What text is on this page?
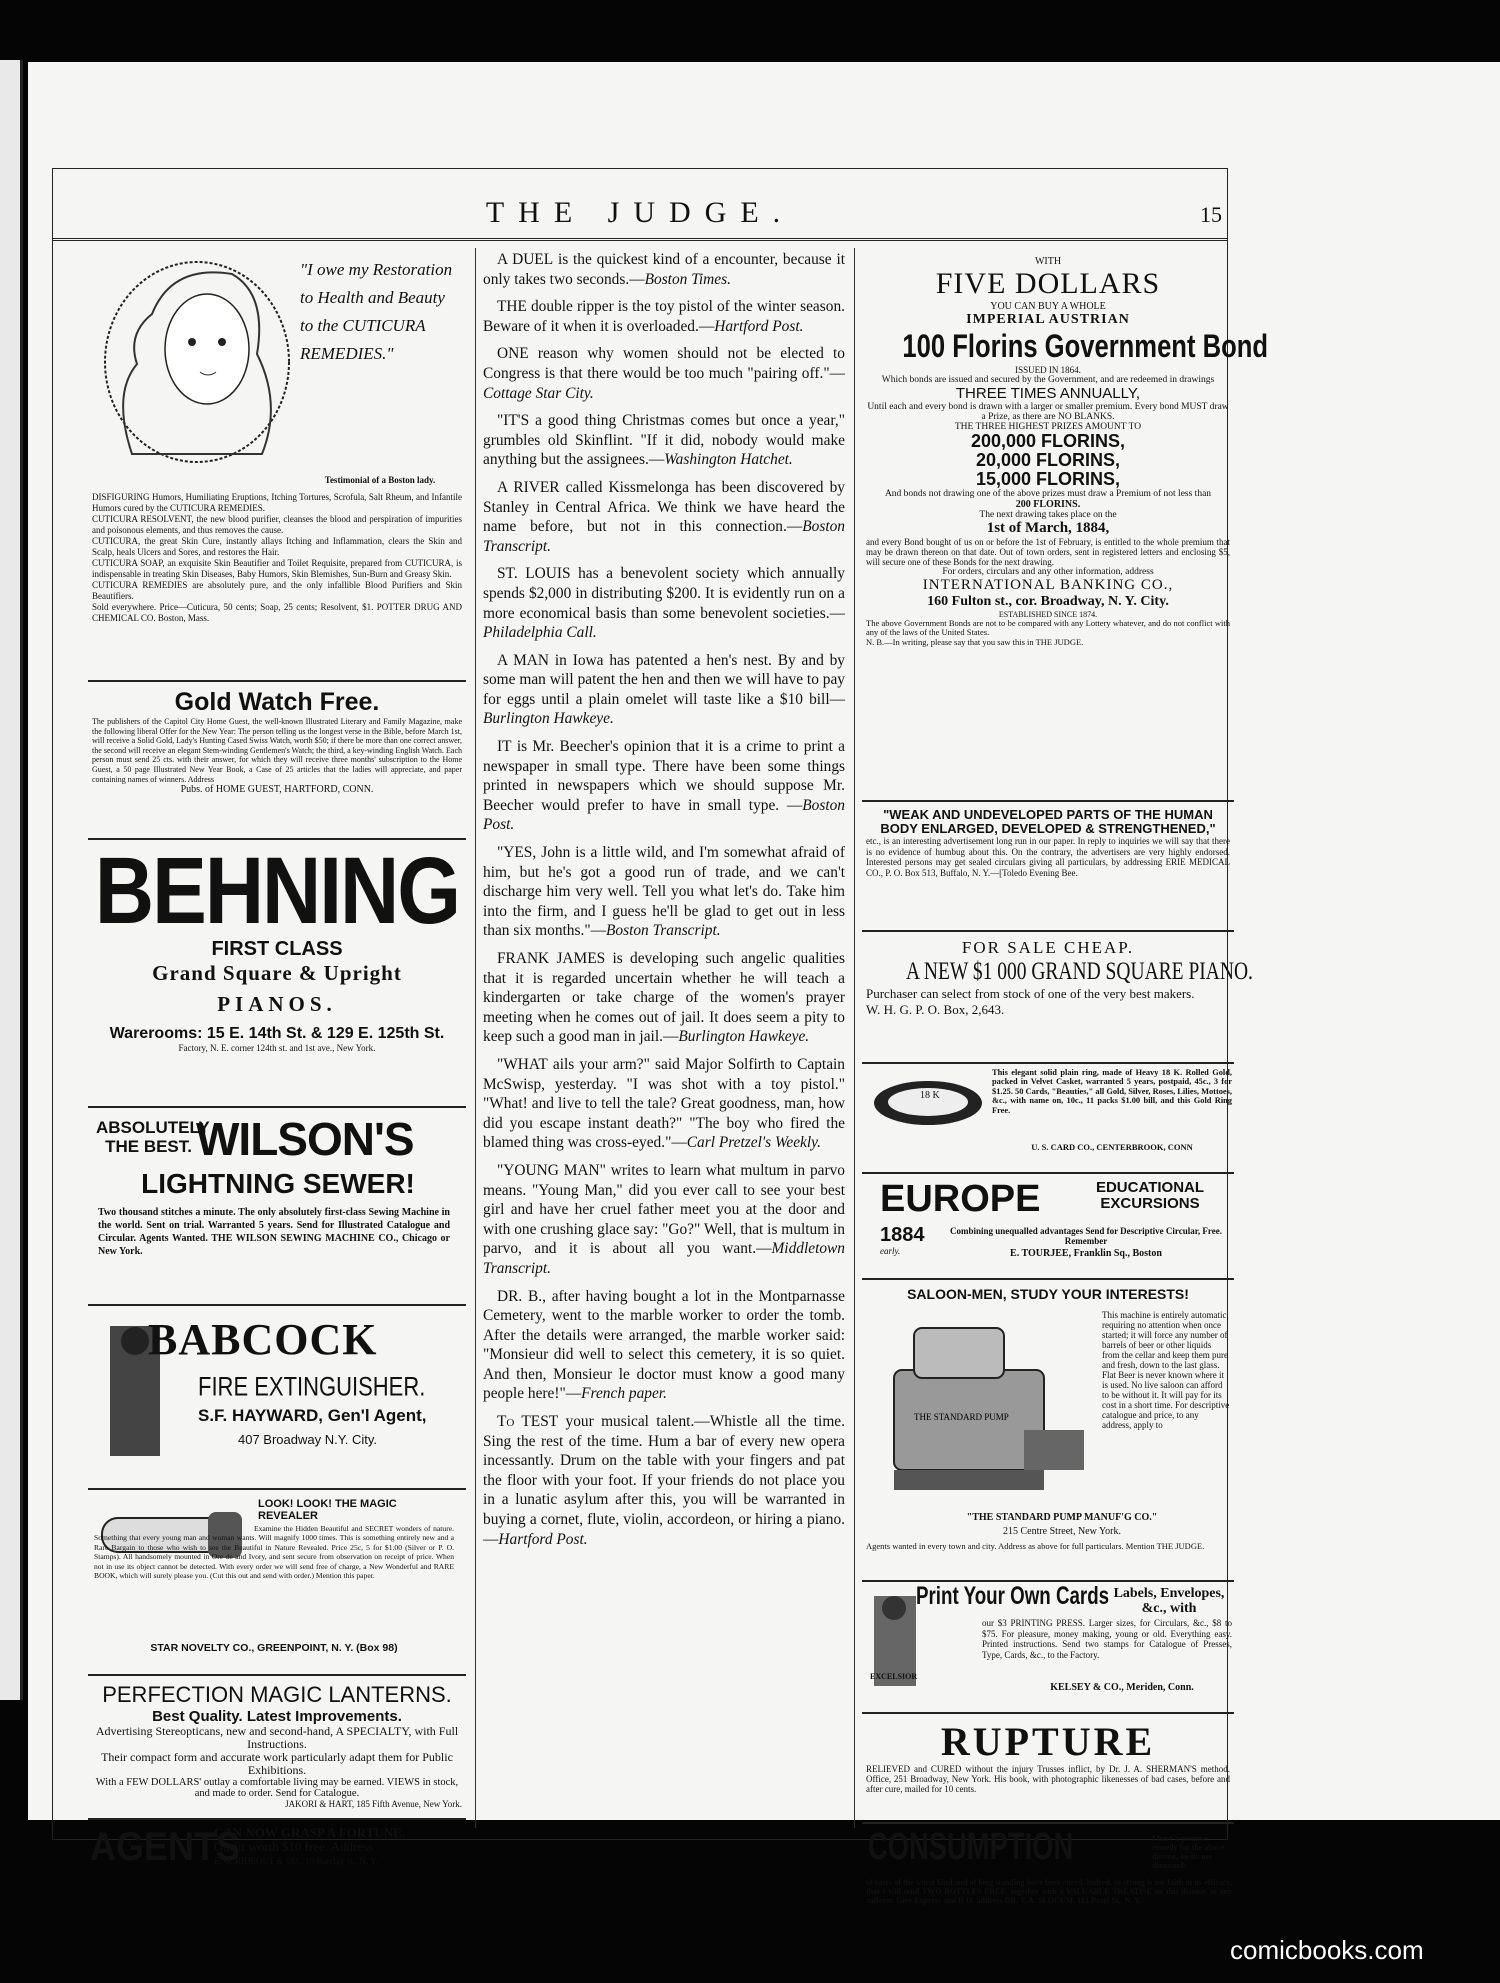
THE JUDGE.	15
"I owe my Restoration to Health and Beauty to the CUTICURA REMEDIES."
Testimonial of a Boston lady.

DISFIGURING Humors, Humiliating Eruptions, Itching Tortures, Scrofula, Salt Rheum, and Infantile Humors cured by the CUTICURA REMEDIES.

CUTICURA RESOLVENT, the new blood purifier, cleanses the blood and perspiration of impurities and poisonous elements, and thus removes the cause.

CUTICURA, the great Skin Cure, instantly allays Itching and Inflammation, clears the Skin and Scalp, heals Ulcers and Sores, and restores the Hair.

CUTICURA SOAP, an exquisite Skin Beautifier and Toilet Requisite, prepared from CUTICURA, is indispensable in treating Skin Diseases, Baby Humors, Skin Blemishes, Sun-Burn and Greasy Skin.

CUTICURA REMEDIES are absolutely pure, and the only infallible Blood Purifiers and Skin Beautifiers.

Sold everywhere. Price—Cuticura, 50 cents; Soap, 25 cents; Resolvent, $1. POTTER DRUG AND CHEMICAL CO. Boston, Mass.

Gold Watch Free.

The publishers of the Capitol City Home Guest, the well-known Illustrated Literary and Family Magazine, make the following liberal Offer for the New Year: The person telling us the longest verse in the Bible, before March 1st, will receive a Solid Gold, Lady's Hunting Cased Swiss Watch, worth $50; if there be more than one correct answer, the second will receive an elegant Stem-winding Gentlemen's Watch; the third, a key-winding English Watch. Each person must send 25 cts. with their answer, for which they will receive three months' subscription to the Home Guest, a 50 page Illustrated New Year Book, a Case of 25 articles that the ladies will appreciate, and paper containing names of winners. Address

Pubs. of HOME GUEST, HARTFORD, CONN.

BEHNING

FIRST CLASS

Grand Square & Upright

PIANOS.

Warerooms: 15 E. 14th St. & 129 E. 125th St.

Factory, N. E. corner 124th st. and 1st ave., New York.

ABSOLUTELY
THE BEST. WILSON'S
LIGHTNING SEWER!
Two thousand stitches a minute. The only absolutely first-class Sewing Machine in the world. Sent on trial. Warranted 5 years. Send for Illustrated Catalogue and Circular. Agents Wanted. THE WILSON SEWING MACHINE CO., Chicago or New York.
BABCOCK
FIRE EXTINGUISHER.
S.F. HAYWARD, Gen'l Agent,
407 Broadway N.Y. City.
LOOK! LOOK! THE MAGIC REVEALER

Examine the Hidden Beautiful and SECRET wonders of nature. Something that every young man and woman wants. Will magnify 1000 times. This is something entirely new and a Rare Bargain to those who wish to see the Beautiful in Nature Revealed. Price 25c, 5 for $1.00 (Silver or P. O. Stamps). All handsomely mounted in Ore de and Ivory, and sent secure from observation on receipt of price. When not in use its object cannot be detected. With every order we will send free of charge, a New Wonderful and RARE BOOK, which will surely please you. (Cut this out and send with order.) Mention this paper.

STAR NOVELTY CO., GREENPOINT, N. Y. (Box 98)

PERFECTION MAGIC LANTERNS.

Best Quality. Latest Improvements.

Advertising Stereopticans, new and second-hand, A SPECIALTY, with Full Instructions.

Their compact form and accurate work particularly adapt them for Public Exhibitions.

With a FEW DOLLARS' outlay a comfortable living may be earned. VIEWS in stock, and made to order. Send for Catalogue.

JAKORI & HART, 185 Fifth Avenue, New York.

AGENTS
CAN NOW GRASP A FORTUNE.
Outfit worth $10 free. Address
E. G. RIDEOUT & CO., 10 Barclay st., N. Y.

A DUEL is the quickest kind of a encounter, because it only takes two seconds.—Boston Times.

THE double ripper is the toy pistol of the winter season. Beware of it when it is overloaded.—Hartford Post.

ONE reason why women should not be elected to Congress is that there would be too much "pairing off."—Cottage Star City.

"IT'S a good thing Christmas comes but once a year," grumbles old Skinflint. "If it did, nobody would make anything but the assignees.—Washington Hatchet.

A RIVER called Kissmelonga has been discovered by Stanley in Central Africa. We think we have heard the name before, but not in this connection.—Boston Transcript.

ST. LOUIS has a benevolent society which annually spends $2,000 in distributing $200. It is evidently run on a more economical basis than some benevolent societies.—Philadelphia Call.

A MAN in Iowa has patented a hen's nest. By and by some man will patent the hen and then we will have to pay for eggs until a plain omelet will taste like a $10 bill—Burlington Hawkeye.

IT is Mr. Beecher's opinion that it is a crime to print a newspaper in small type. There have been some things printed in newspapers which we should suppose Mr. Beecher would prefer to have in small type. —Boston Post.

"YES, John is a little wild, and I'm somewhat afraid of him, but he's got a good run of trade, and we can't discharge him very well. Tell you what let's do. Take him into the firm, and I guess he'll be glad to get out in less than six months."—Boston Transcript.

FRANK JAMES is developing such angelic qualities that it is regarded uncertain whether he will teach a kindergarten or take charge of the women's prayer meeting when he comes out of jail. It does seem a pity to keep such a good man in jail.—Burlington Hawkeye.

"WHAT ails your arm?" said Major Solfirth to Captain McSwisp, yesterday. "I was shot with a toy pistol." "What! and live to tell the tale? Great goodness, man, how did you escape instant death?" "The boy who fired the blamed thing was cross-eyed."—Carl Pretzel's Weekly.

"YOUNG MAN" writes to learn what multum in parvo means. "Young Man," did you ever call to see your best girl and have her cruel father meet you at the door and with one crushing glace say: "Go?" Well, that is multum in parvo, and it is about all you want.—Middletown Transcript.

DR. B., after having bought a lot in the Montparnasse Cemetery, went to the marble worker to order the tomb. After the details were arranged, the marble worker said: "Monsieur did well to select this cemetery, it is so quiet. And then, Monsieur le doctor must know a good many people here!"—French paper.

To TEST your musical talent.—Whistle all the time. Sing the rest of the time. Hum a bar of every new opera incessantly. Drum on the table with your fingers and pat the floor with your foot. If your friends do not place you in a lunatic asylum after this, you will be warranted in buying a cornet, flute, violin, accordeon, or hiring a piano.—Hartford Post.

WITH

FIVE DOLLARS

YOU CAN BUY A WHOLE

IMPERIAL AUSTRIAN

100 Florins Government Bond

ISSUED IN 1864.

Which bonds are issued and secured by the Government, and are redeemed in drawings

THREE TIMES ANNUALLY,

Until each and every bond is drawn with a larger or smaller premium. Every bond MUST draw a Prize, as there are NO BLANKS.

THE THREE HIGHEST PRIZES AMOUNT TO

200,000 FLORINS,

20,000 FLORINS,

15,000 FLORINS,

And bonds not drawing one of the above prizes must draw a Premium of not less than

200 FLORINS.

The next drawing takes place on the

1st of March, 1884,

and every Bond bought of us on or before the 1st of February, is entitled to the whole premium that may be drawn thereon on that date. Out of town orders, sent in registered letters and enclosing $5, will secure one of these Bonds for the next drawing.

For orders, circulars and any other information, address

INTERNATIONAL BANKING CO.,

160 Fulton st., cor. Broadway, N. Y. City.

ESTABLISHED SINCE 1874.

The above Government Bonds are not to be compared with any Lottery whatever, and do not conflict with any of the laws of the United States.

N. B.—In writing, please say that you saw this in THE JUDGE.

"WEAK AND UNDEVELOPED PARTS OF THE HUMAN BODY ENLARGED, DEVELOPED & STRENGTHENED,"

etc., is an interesting advertisement long run in our paper. In reply to inquiries we will say that there is no evidence of humbug about this. On the contrary, the advertisers are very highly endorsed. Interested persons may get sealed circulars giving all particulars, by addressing ERIE MEDICAL CO., P. O. Box 513, Buffalo, N. Y.—[Toledo Evening Bee.

FOR SALE CHEAP.

A NEW $1 000 GRAND SQUARE PIANO.

Purchaser can select from stock of one of the very best makers.

W. H. G. P. O. Box, 2,643.

18 K

This elegant solid plain ring, made of Heavy 18 K. Rolled Gold, packed in Velvet Casket, warranted 5 years, postpaid, 45c., 3 for $1.25. 50 Cards, "Beauties," all Gold, Silver, Roses, Lilies, Mottoes, &c., with name on, 10c., 11 packs $1.00 bill, and this Gold Ring Free.

U. S. CARD CO., CENTERBROOK, CONN

EUROPE	EDUCATIONAL EXCURSIONS
1884
early.
Combining unequalled advantages Send for Descriptive Circular, Free. Remember
E. TOURJEE, Franklin Sq., Boston

SALOON-MEN, STUDY YOUR INTERESTS!

THE STANDARD PUMP

This machine is entirely automatic, requiring no attention when once started; it will force any number of barrels of beer or other liquids from the cellar and keep them pure and fresh, down to the last glass. Flat Beer is never known where it is used. No live saloon can afford to be without it. It will pay for its cost in a short time. For descriptive catalogue and price, to any address, apply to

"THE STANDARD PUMP MANUF'G CO."

215 Centre Street, New York.

Agents wanted in every town and city. Address as above for full particulars. Mention THE JUDGE.

Print Your Own Cards Labels, Envelopes, &c., with

our $3 PRINTING PRESS. Larger sizes, for Circulars, &c., $8 to $75. For pleasure, money making, young or old. Everything easy. Printed instructions. Send two stamps for Catalogue of Presses, Type, Cards, &c., to the Factory.

KELSEY & CO., Meriden, Conn.

EXCELSIOR

RUPTURE

RELIEVED and CURED without the injury Trusses inflict, by Dr. J. A. SHERMAN'S method. Office, 251 Broadway, New York. His book, with photographic likenesses of bad cases, before and after cure, mailed for 10 cents.

CONSUMPTION	I have a positive remedy for the above disease; by its use thousands

of cases of the worst kind and of long standing have been cured. Indeed, so strong is my faith in its efficacy, that I will send TWO BOTTLES FREE, together with a VALUABLE TREATISE on this disease, to any sufferer. Give Express and P. O. address DR. T. A. SLOCUM, 181 Pearl St., N. Y.

comicbooks.com
